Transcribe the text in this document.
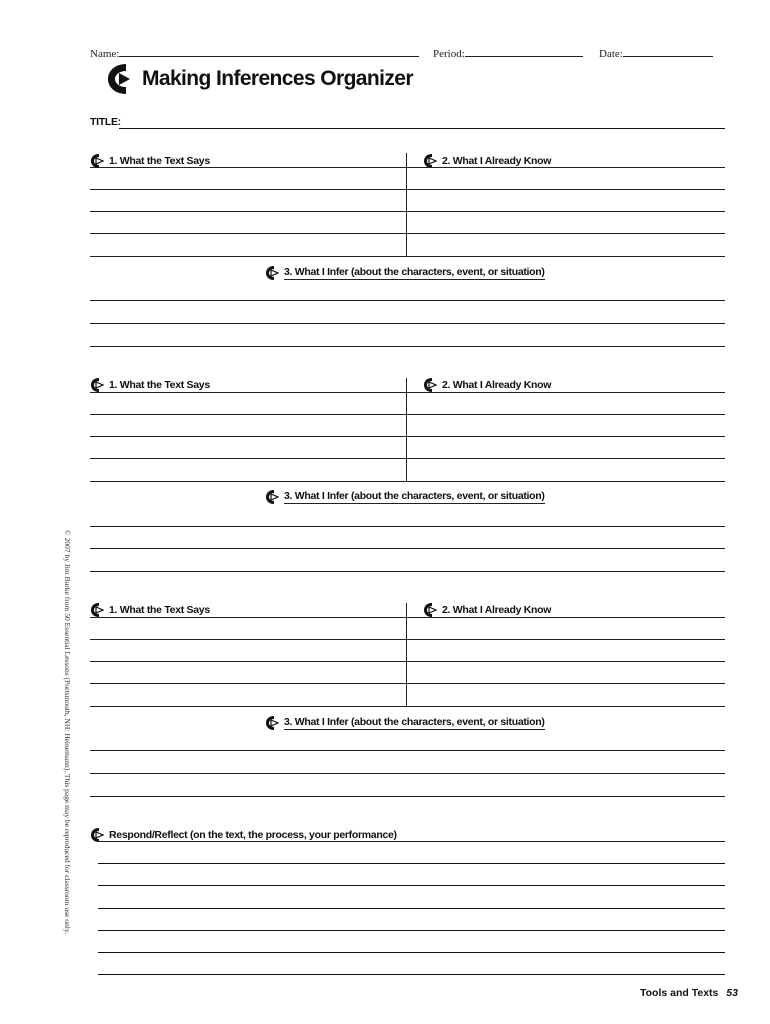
Name:	Period:	Date:
Making Inferences Organizer
TITLE:
1. What the Text Says	2. What I Already Know
3. What I Infer (about the characters, event, or situation)
1. What the Text Says	2. What I Already Know
3. What I Infer (about the characters, event, or situation)
1. What the Text Says	2. What I Already Know
3. What I Infer (about the characters, event, or situation)
Respond/Reflect (on the text, the process, your performance)
© 2007 by Jim Burke from 50 Essential Lessons (Portsmouth, NH: Heinemann). This page may be reproduced for classroom use only.
Tools and Texts 53
